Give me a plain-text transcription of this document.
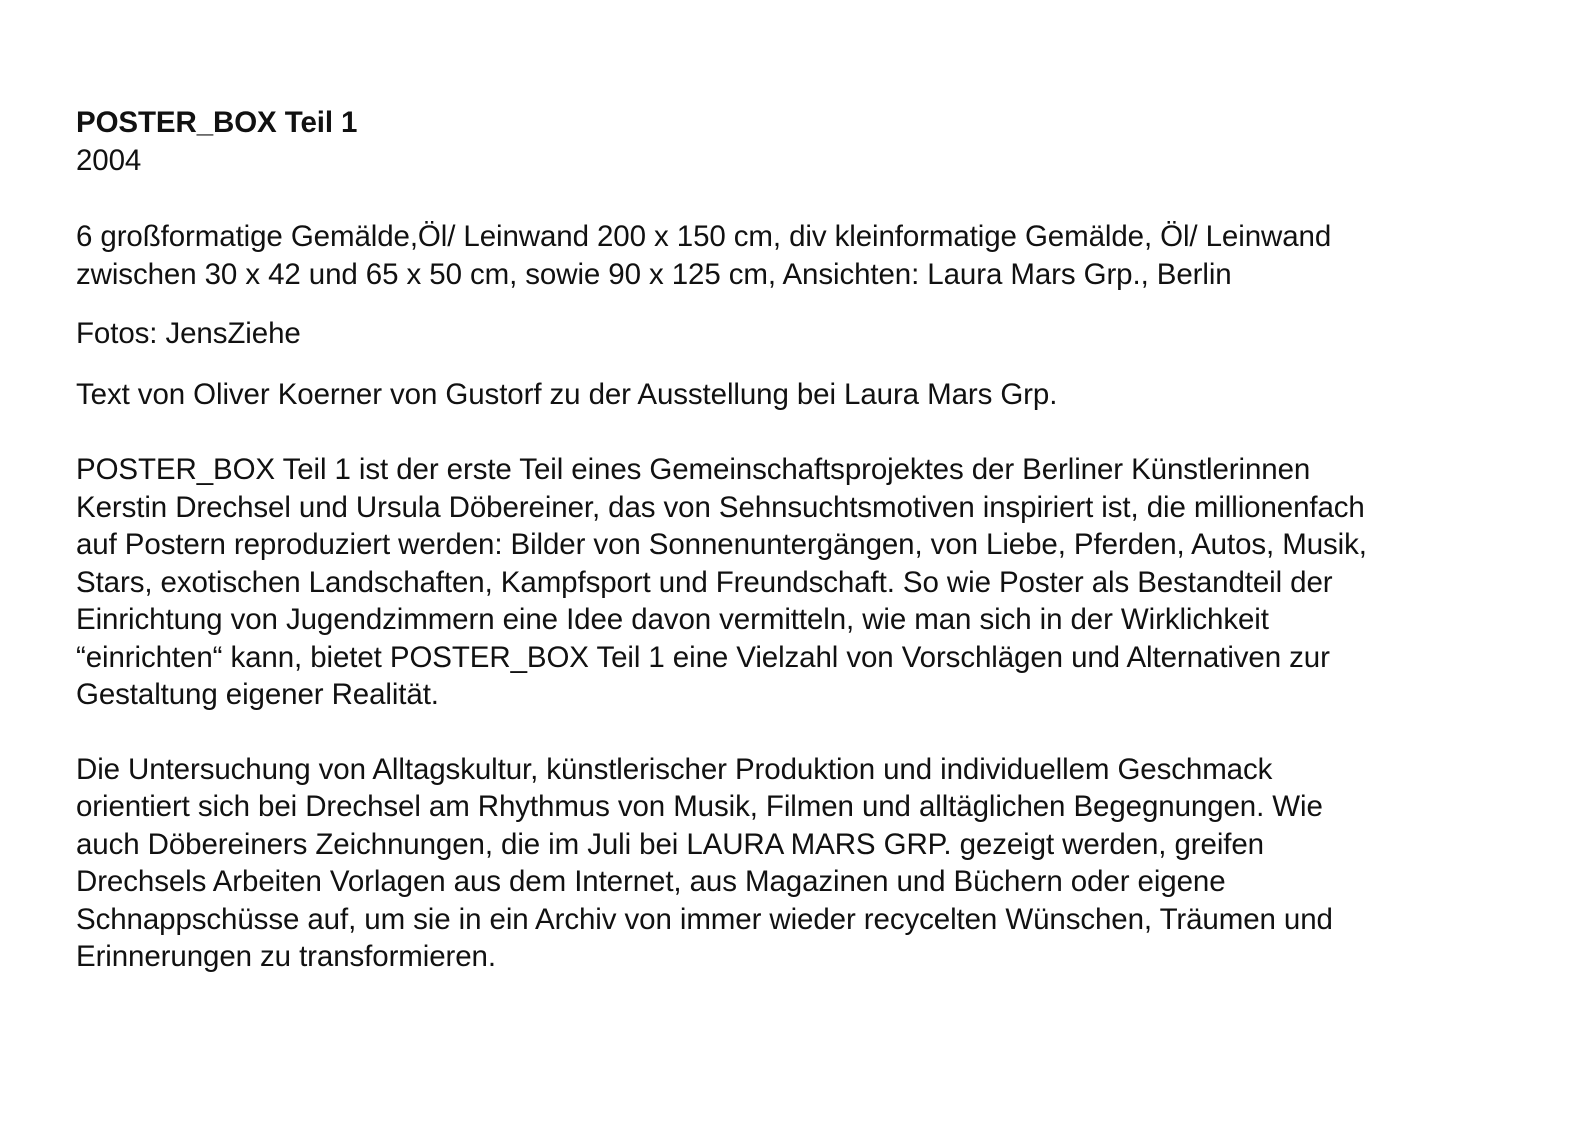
POSTER_BOX Teil 1
2004

6 großformatige Gemälde,Öl/ Leinwand 200 x 150 cm, div kleinformatige Gemälde, Öl/ Leinwand
zwischen 30 x 42 und 65 x 50 cm, sowie 90 x 125 cm, Ansichten: Laura Mars Grp., Berlin

Fotos: JensZiehe

Text von Oliver Koerner von Gustorf zu der Ausstellung bei Laura Mars Grp.

POSTER_BOX Teil 1 ist der erste Teil eines Gemeinschaftsprojektes der Berliner Künstlerinnen
Kerstin Drechsel und Ursula Döbereiner, das von Sehnsuchtsmotiven inspiriert ist, die millionenfach
auf Postern reproduziert werden: Bilder von Sonnenuntergängen, von Liebe, Pferden, Autos, Musik,
Stars, exotischen Landschaften, Kampfsport und Freundschaft. So wie Poster als Bestandteil der
Einrichtung von Jugendzimmern eine Idee davon vermitteln, wie man sich in der Wirklichkeit
“einrichten“ kann, bietet POSTER_BOX Teil 1 eine Vielzahl von Vorschlägen und Alternativen zur
Gestaltung eigener Realität.

Die Untersuchung von Alltagskultur, künstlerischer Produktion und individuellem Geschmack
orientiert sich bei Drechsel am Rhythmus von Musik, Filmen und alltäglichen Begegnungen. Wie
auch Döbereiners Zeichnungen, die im Juli bei LAURA MARS GRP. gezeigt werden, greifen
Drechsels Arbeiten Vorlagen aus dem Internet, aus Magazinen und Büchern oder eigene
Schnappschüsse auf, um sie in ein Archiv von immer wieder recycelten Wünschen, Träumen und
Erinnerungen zu transformieren.
